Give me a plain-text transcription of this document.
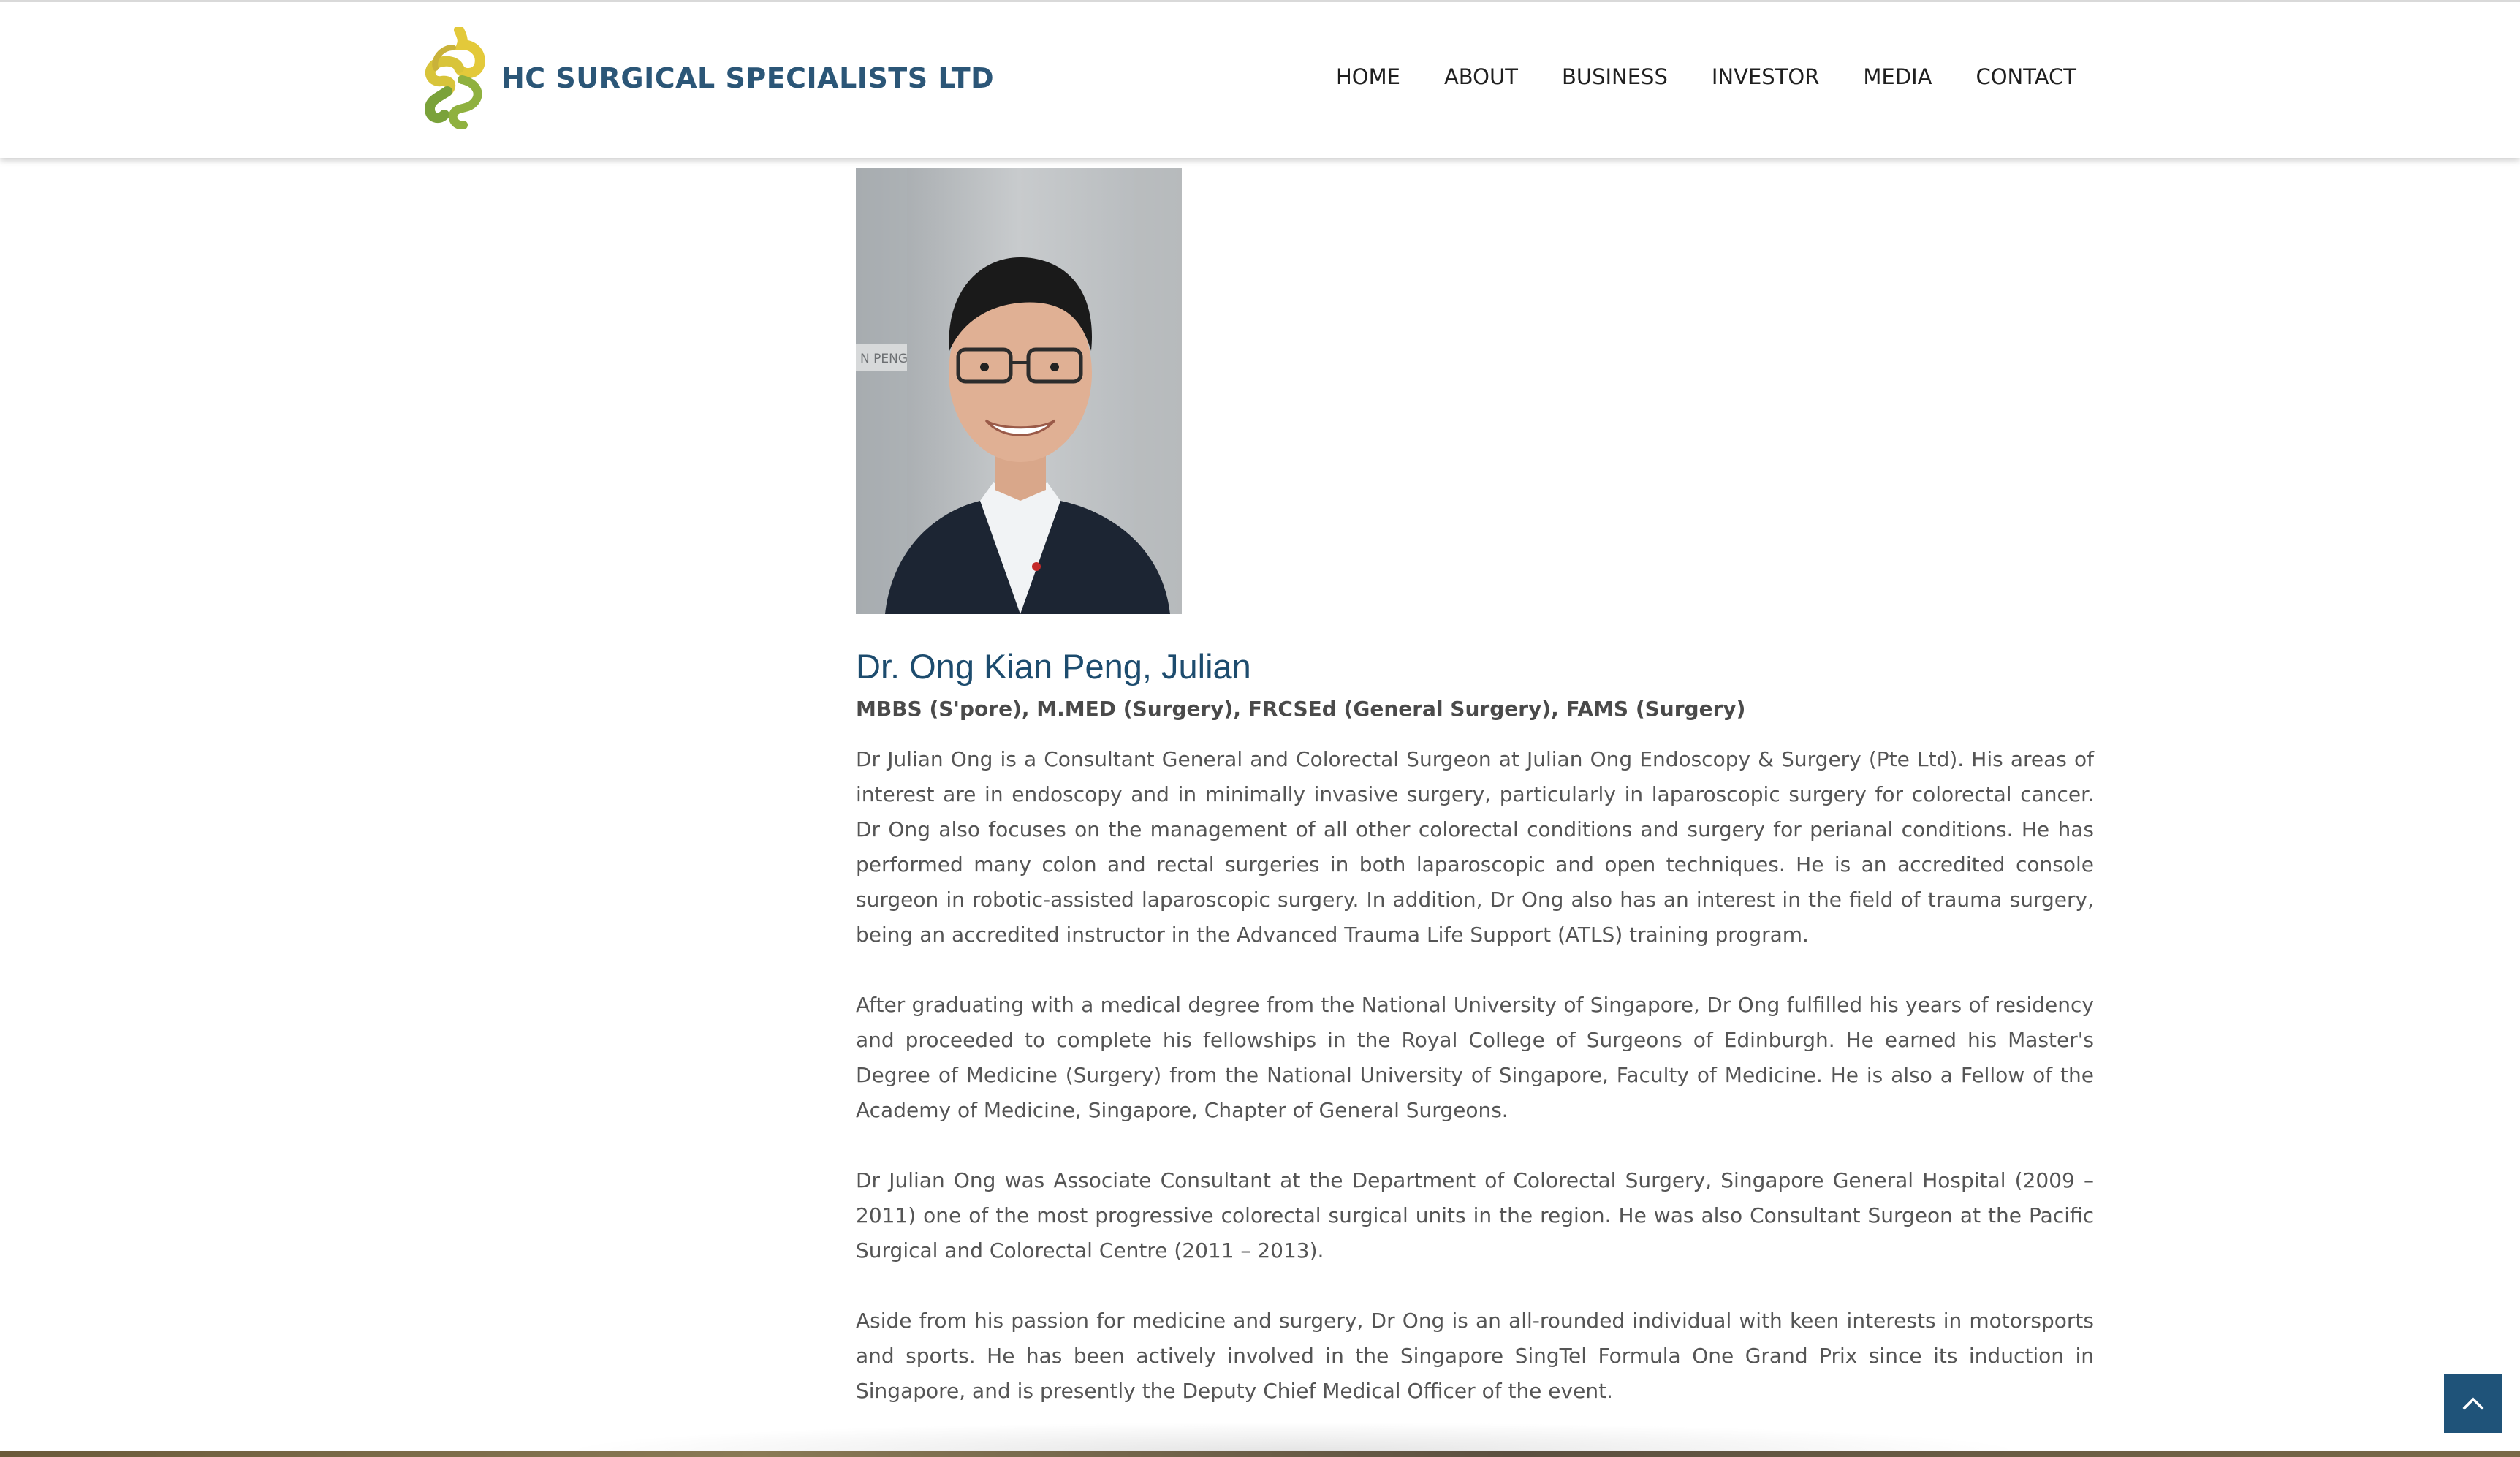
HC SURGICAL SPECIALISTS LTD	HOME ABOUT BUSINESS INVESTOR MEDIA CONTACT
N PENG
Dr. Ong Kian Peng, Julian
MBBS (S'pore), M.MED (Surgery), FRCSEd (General Surgery), FAMS (Surgery)

Dr Julian Ong is a Consultant General and Colorectal Surgeon at Julian Ong Endoscopy & Surgery (Pte Ltd). His areas of interest are in endoscopy and in minimally invasive surgery, particularly in laparoscopic surgery for colorectal cancer. Dr Ong also focuses on the management of all other colorectal conditions and surgery for perianal conditions. He has performed many colon and rectal surgeries in both laparoscopic and open techniques. He is an accredited console surgeon in robotic-assisted laparoscopic surgery. In addition, Dr Ong also has an interest in the field of trauma surgery, being an accredited instructor in the Advanced Trauma Life Support (ATLS) training program.

After graduating with a medical degree from the National University of Singapore, Dr Ong fulfilled his years of residency and proceeded to complete his fellowships in the Royal College of Surgeons of Edinburgh. He earned his Master's Degree of Medicine (Surgery) from the National University of Singapore, Faculty of Medicine. He is also a Fellow of the Academy of Medicine, Singapore, Chapter of General Surgeons.

Dr Julian Ong was Associate Consultant at the Department of Colorectal Surgery, Singapore General Hospital (2009 – 2011) one of the most progressive colorectal surgical units in the region. He was also Consultant Surgeon at the Pacific Surgical and Colorectal Centre (2011 – 2013).

Aside from his passion for medicine and surgery, Dr Ong is an all-rounded individual with keen interests in motorsports and sports. He has been actively involved in the Singapore SingTel Formula One Grand Prix since its induction in Singapore, and is presently the Deputy Chief Medical Officer of the event.
